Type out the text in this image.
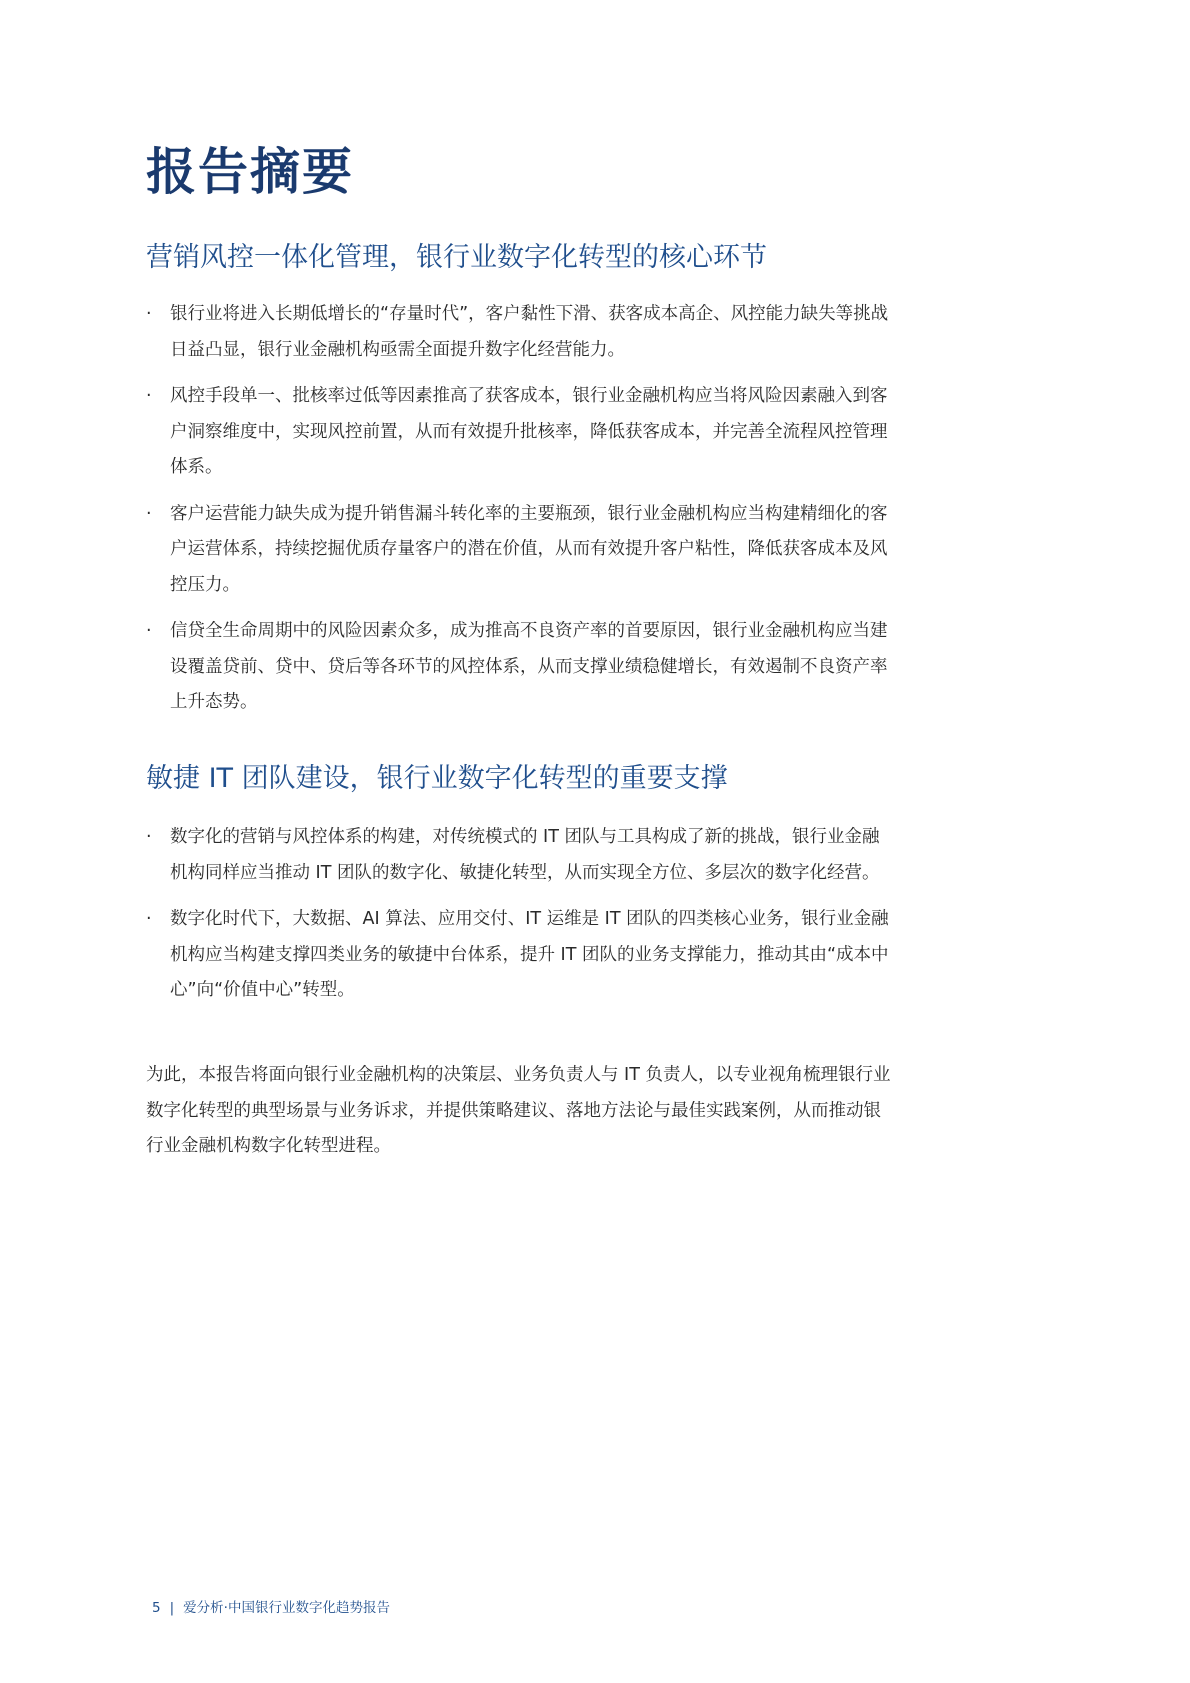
报告摘要
营销风控一体化管理，银行业数字化转型的核心环节
·	银行业将进入长期低增长的“存量时代”，客户黏性下滑、获客成本高企、风控能力缺失等挑战日益凸显，银行业金融机构亟需全面提升数字化经营能力。
·	风控手段单一、批核率过低等因素推高了获客成本，银行业金融机构应当将风险因素融入到客户洞察维度中，实现风控前置，从而有效提升批核率，降低获客成本，并完善全流程风控管理体系。
·	客户运营能力缺失成为提升销售漏斗转化率的主要瓶颈，银行业金融机构应当构建精细化的客户运营体系，持续挖掘优质存量客户的潜在价值，从而有效提升客户粘性，降低获客成本及风控压力。
·	信贷全生命周期中的风险因素众多，成为推高不良资产率的首要原因，银行业金融机构应当建设覆盖贷前、贷中、贷后等各环节的风控体系，从而支撑业绩稳健增长，有效遏制不良资产率上升态势。
敏捷 IT 团队建设，银行业数字化转型的重要支撑
·	数字化的营销与风控体系的构建，对传统模式的 IT 团队与工具构成了新的挑战，银行业金融机构同样应当推动 IT 团队的数字化、敏捷化转型，从而实现全方位、多层次的数字化经营。
·	数字化时代下，大数据、AI 算法、应用交付、IT 运维是 IT 团队的四类核心业务，银行业金融机构应当构建支撑四类业务的敏捷中台体系，提升 IT 团队的业务支撑能力，推动其由“成本中心”向“价值中心”转型。

为此，本报告将面向银行业金融机构的决策层、业务负责人与 IT 负责人，以专业视角梳理银行业数字化转型的典型场景与业务诉求，并提供策略建议、落地方法论与最佳实践案例，从而推动银行业金融机构数字化转型进程。

5 | 爱分析·中国银行业数字化趋势报告
